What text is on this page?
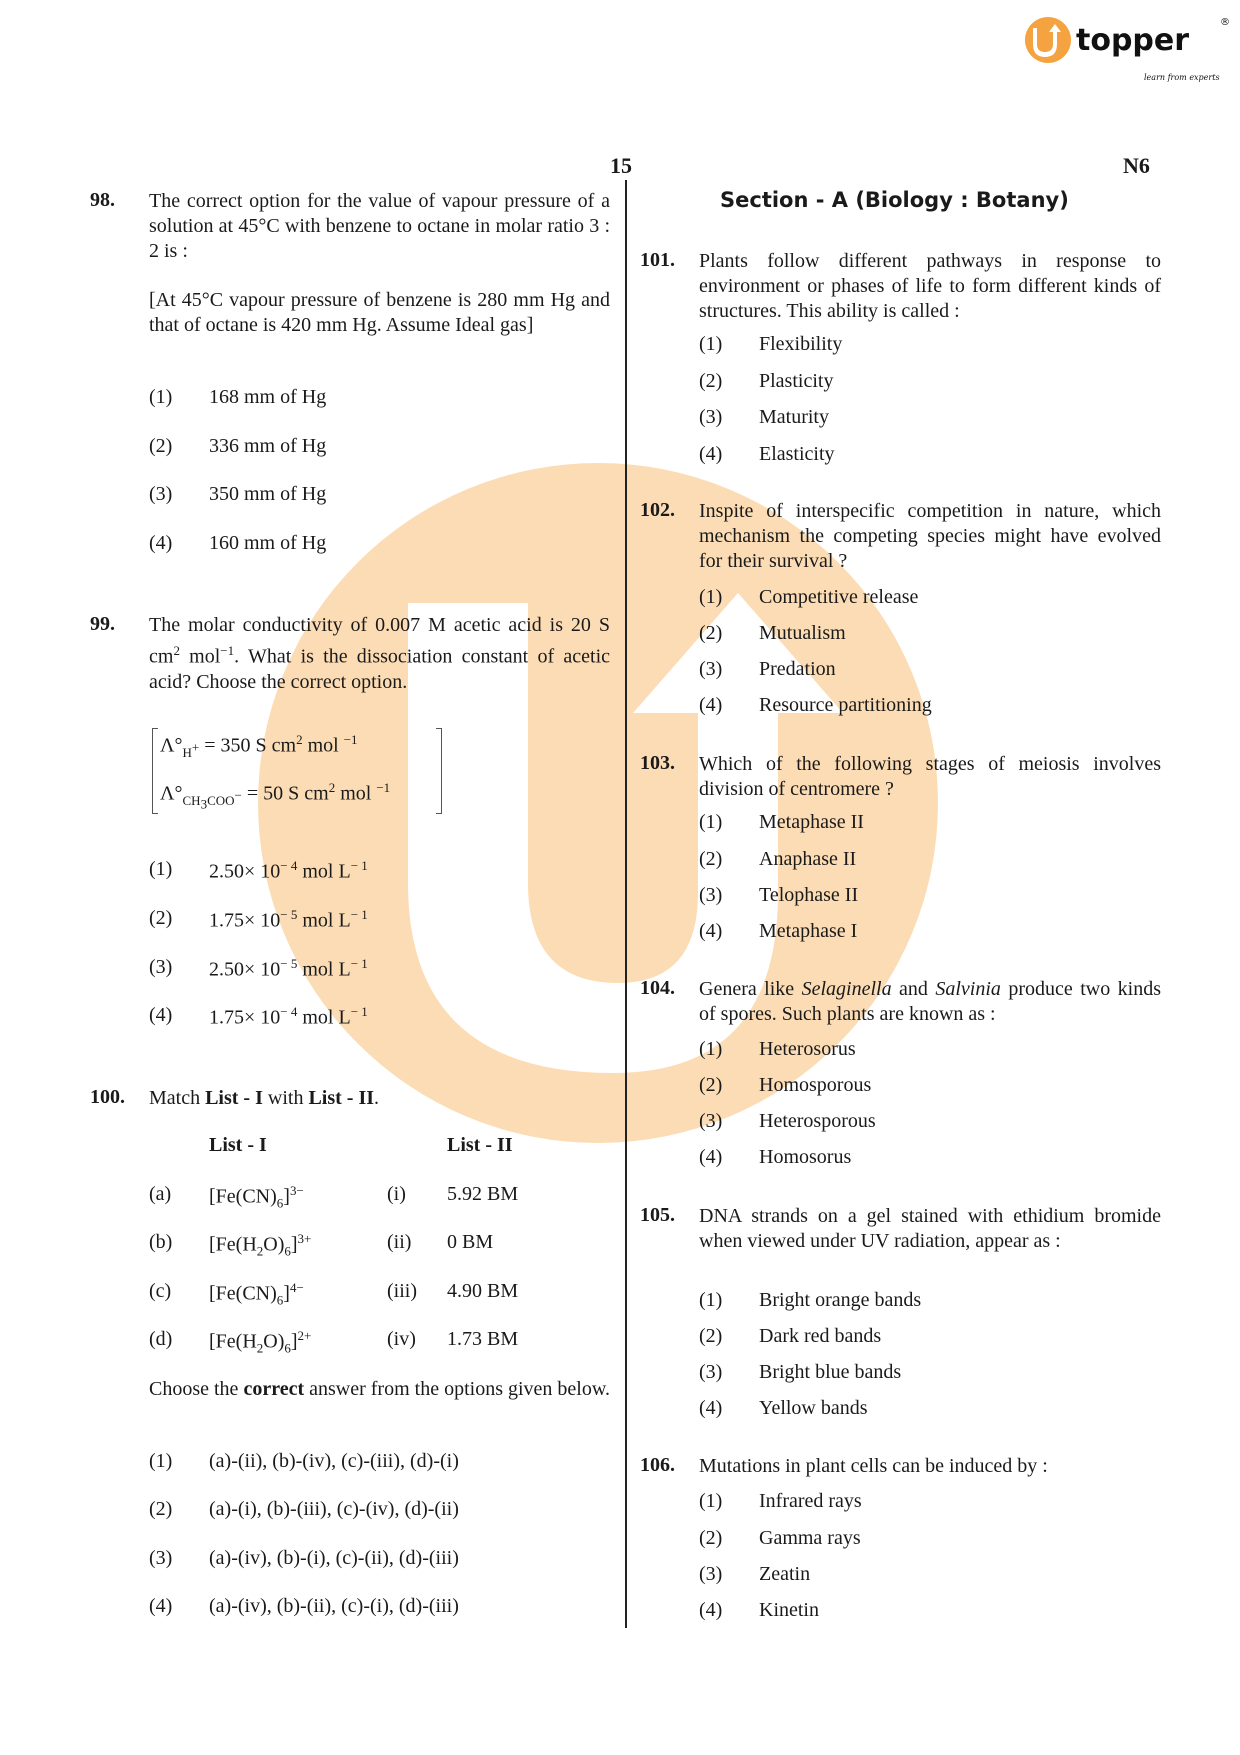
topper
learn from experts
®
15	N6
98. The correct option for the value of vapour pressure of a solution at 45°C with benzene to octane in molar ratio 3 : 2 is :
[At 45°C vapour pressure of benzene is 280 mm Hg and that of octane is 420 mm Hg. Assume Ideal gas]
99. The molar conductivity of 0.007 M acetic acid is 20 S $cm^2$ mol$^{-1}$. What is the dissociation constant of acetic acid? Choose the correct option.
$\Lambda^\circ_{H^+} = 350$ S $cm^2$ mol $^{-1}$
$\Lambda^\circ_{CH_3COO^-} = 50$ S $cm^2$ mol $^{-1}$
100. Match List - I with List - II.
List - I	List - II
Choose the correct answer from the options given below.
Section - A (Biology : Botany)
(1) 168 mm of Hg
(2) 336 mm of Hg
(3) 350 mm of Hg
(4) 160 mm of Hg
(1) (a)-(ii), (b)-(iv), (c)-(iii), (d)-(i)
(2) (a)-(i), (b)-(iii), (c)-(iv), (d)-(ii)
(3) (a)-(iv), (b)-(i), (c)-(ii), (d)-(iii)
(4) (a)-(iv), (b)-(ii), (c)-(i), (d)-(iii)
(1) $2.50\times 10^{- 4}$ mol $L^{- 1}$
(2) $1.75\times 10^{- 5}$ mol $L^{- 1}$
(3) $2.50\times 10^{- 5}$ mol $L^{- 1}$
(4) $1.75\times 10^{- 4}$ mol $L^{- 1}$
(a) $[Fe(CN)_6]^{3-}$	(i) 5.92 BM
(b) $[Fe(H_2O)_6]^{3+}$	(ii) 0 BM
(c) $[Fe(CN)_6]^{4-}$	(iii) 4.90 BM
(d) $[Fe(H_2O)_6]^{2+}$	(iv) 1.73 BM
101. Plants follow different pathways in response to environment or phases of life to form different kinds of structures. This ability is called :
(1) Flexibility
(2) Plasticity
(3) Maturity
(4) Elasticity
102. Inspite of interspecific competition in nature, which mechanism the competing species might have evolved for their survival ?
(1) Competitive release
(2) Mutualism
(3) Predation
(4) Resource partitioning
103. Which of the following stages of meiosis involves division of centromere ?
(1) Metaphase II
(2) Anaphase II
(3) Telophase II
(4) Metaphase I
104. Genera like Selaginella and Salvinia produce two kinds of spores. Such plants are known as :
(1) Heterosorus
(2) Homosporous
(3) Heterosporous
(4) Homosorus
105. DNA strands on a gel stained with ethidium bromide when viewed under UV radiation, appear as :
(1) Bright orange bands
(2) Dark red bands
(3) Bright blue bands
(4) Yellow bands
106. Mutations in plant cells can be induced by :
(1) Infrared rays
(2) Gamma rays
(3) Zeatin
(4) Kinetin
